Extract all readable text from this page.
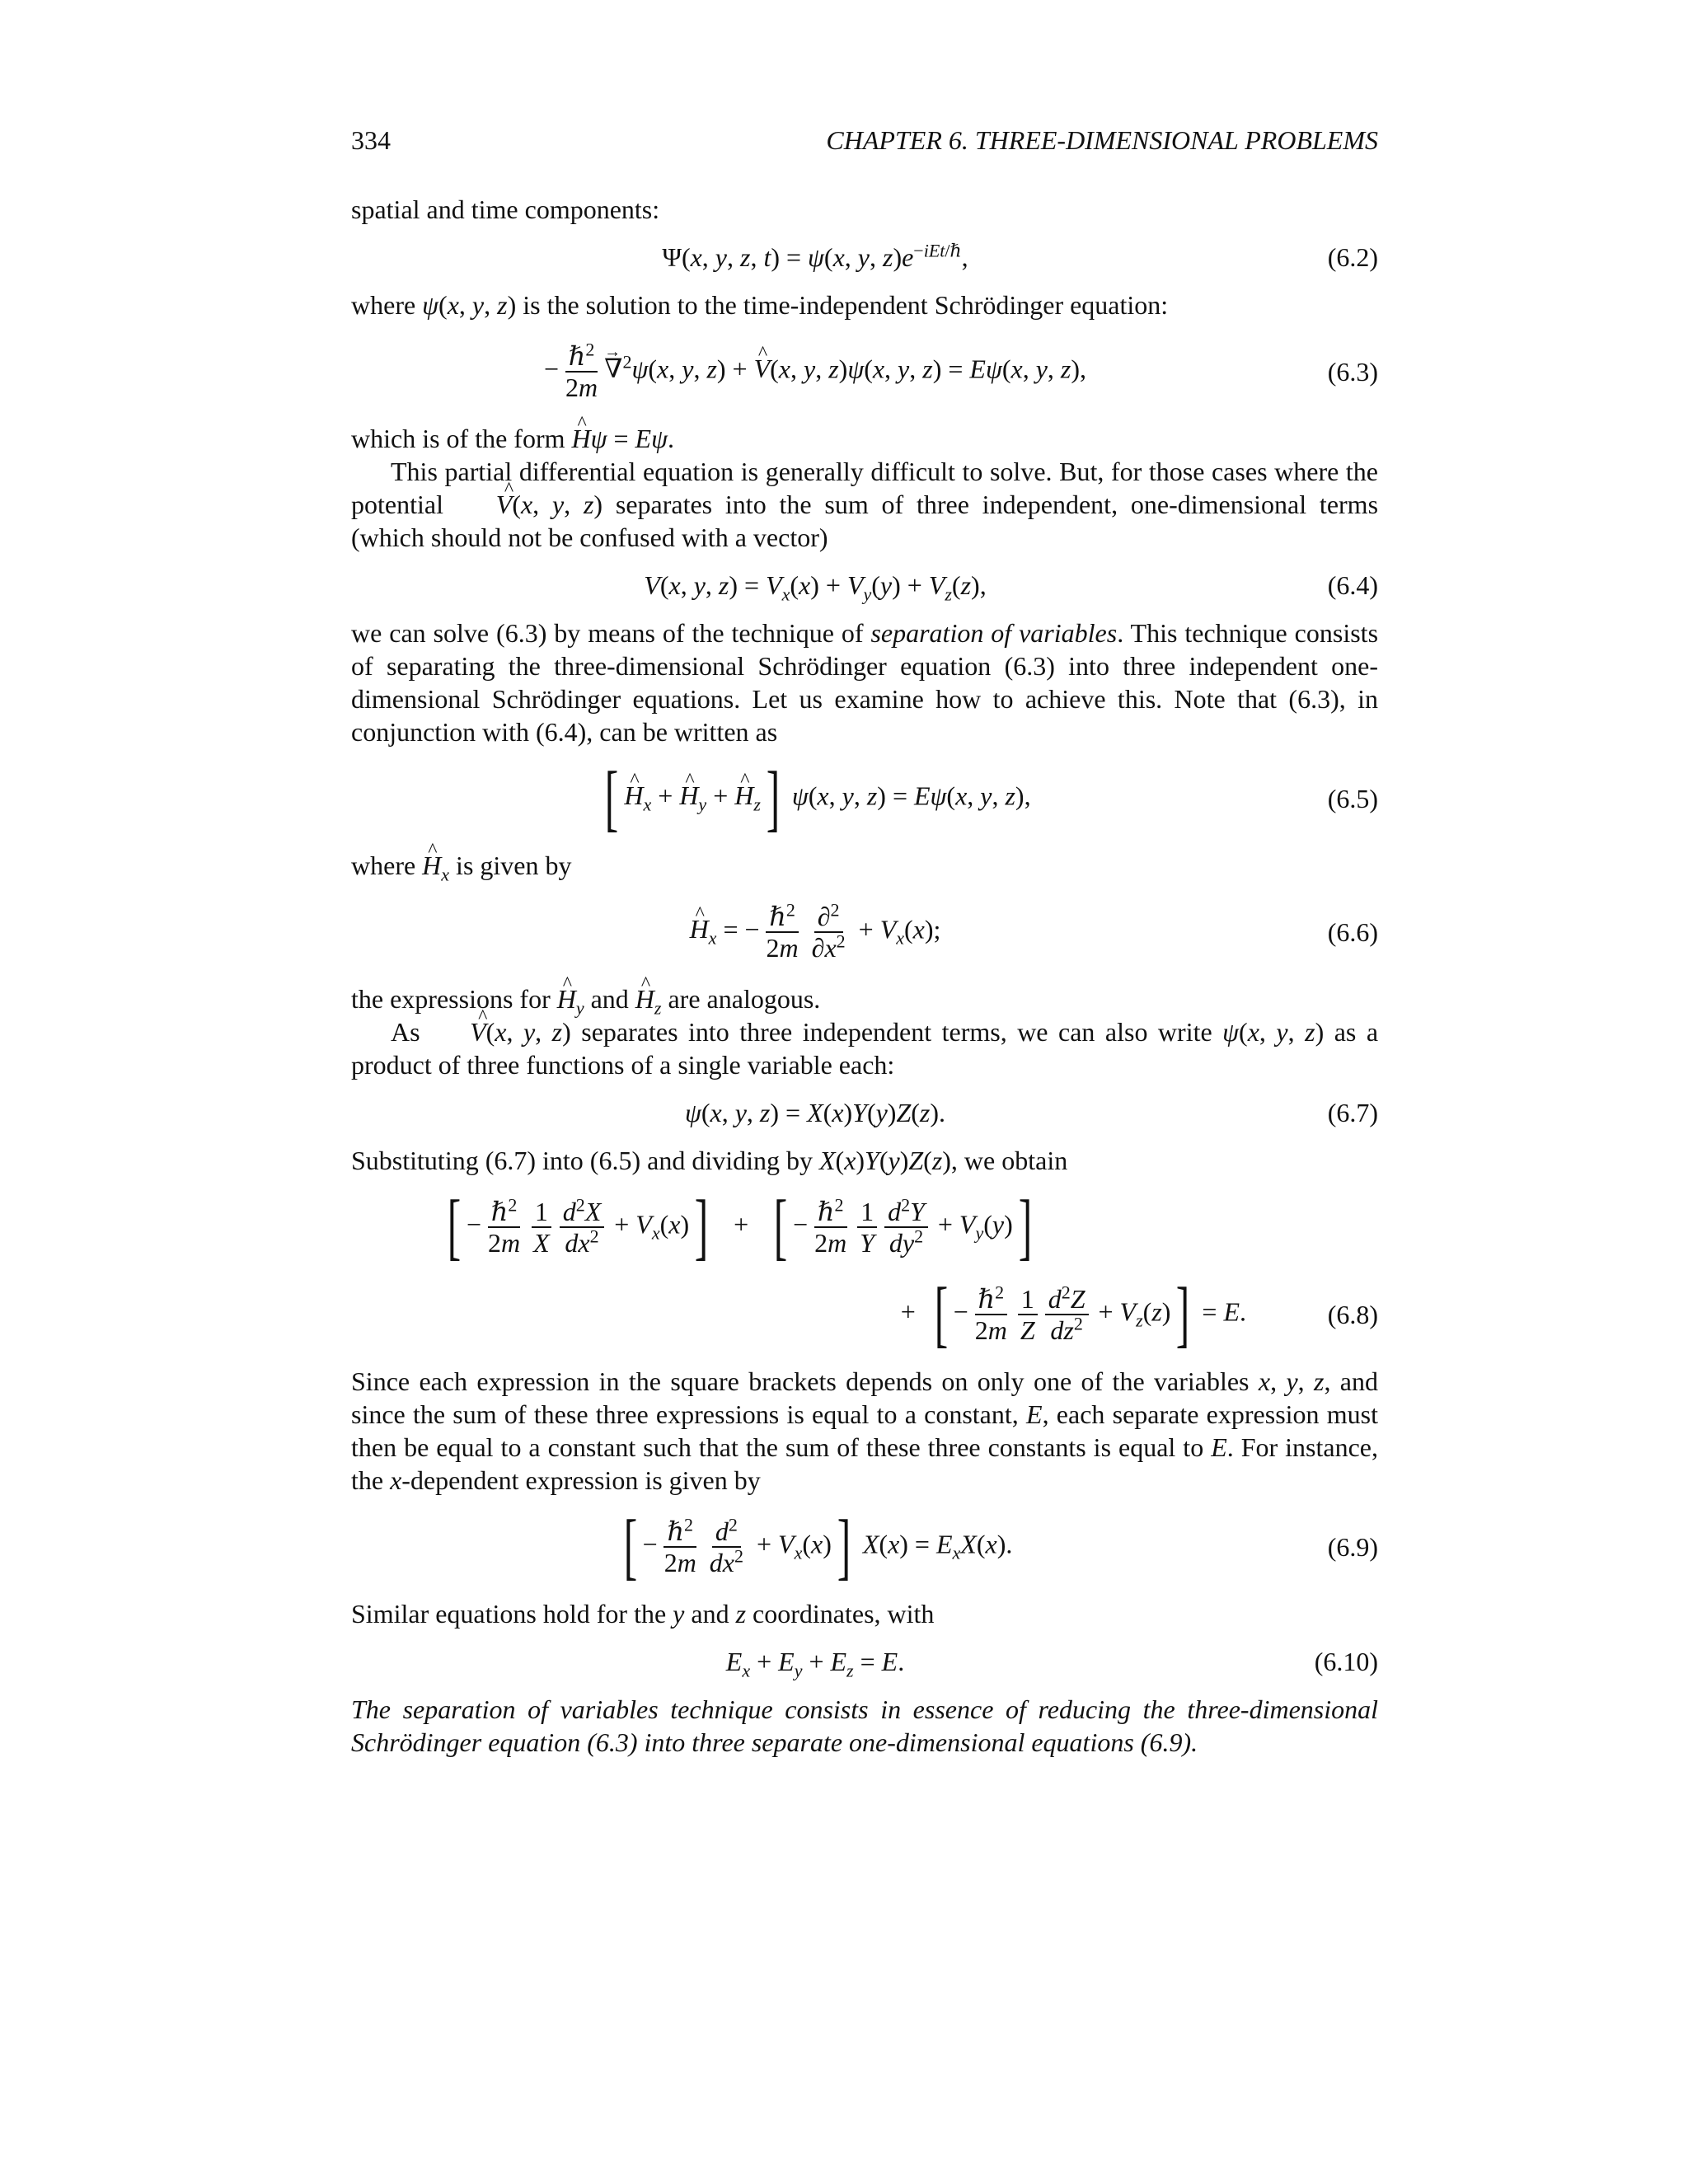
334	CHAPTER 6. THREE-DIMENSIONAL PROBLEMS

spatial and time components:

Ψ(x, y, z, t) = ψ(x, y, $z)e^{-iEt/\hbar}$,	(6.2)

where ψ(x, y, z) is the solution to the time-independent Schrödinger equation:

− $\frac{\hbar^2}{2m}$
→ ∇$^2$ψ(x, y, z) + ^ V(x, y, z)ψ(x, y, z) = Eψ(x, y, z),	(6.3)

which is of the form ^ Hψ = Eψ.

This partial differential equation is generally difficult to solve. But, for those cases where the potential ^ V(x, y, z) separates into the sum of three independent, one-dimensional terms (which should not be confused with a vector)

V(x, y, $z) = V_x(x) + V_y(y) + V_z(z)$,	(6.4)

we can solve (6.3) by means of the technique of separation of variables. This technique consists of separating the three-dimensional Schrödinger equation (6.3) into three independent one-dimensional Schrödinger equations. Let us examine how to achieve this. Note that (6.3), in conjunction with (6.4), can be written as

[^ $H_x$ + ^ $H_y$ + ^ $H_z$] ψ(x, y, z) = Eψ(x, y, z),	(6.5)

where ^ $H_x$ is given by

^ $H_x$ = − $\frac{\hbar^2}{2m} \frac{\partial^2}{\partial x^2} + V_x(x)$;	(6.6)

the expressions for ^ $H_y$ and ^ $H_z$ are analogous.

As ^ V(x, y, z) separates into three independent terms, we can also write ψ(x, y, z) as a product of three functions of a single variable each:

ψ(x, y, z) = X(x)Y(y)Z(z).	(6.7)

Substituting (6.7) into (6.5) and dividing by X(x)Y(y)Z(z), we obtain

[ − $\frac{\hbar^2}{2m} \frac{1}{X} \frac{d^2X}{dx^2} + V_x(x)$]   +   [ − $\frac{\hbar^2}{2m} \frac{1}{Y} \frac{d^2Y}{dy^2} + V_y(y)$]
+  [ − $\frac{\hbar^2}{2m} \frac{1}{Z} \frac{d^2Z}{dz^2} + V_z(z)] = E$.	(6.8)

Since each expression in the square brackets depends on only one of the variables x, y, z, and since the sum of these three expressions is equal to a constant, E, each separate expression must then be equal to a constant such that the sum of these three constants is equal to E. For instance, the x-dependent expression is given by

[ − $\frac{\hbar^2}{2m} \frac{d^2}{dx^2} + V_x(x)$] $X(x) = E_xX(x)$.	(6.9)

Similar equations hold for the y and z coordinates, with

$E_x + E_y + E_z = E$.	(6.10)

The separation of variables technique consists in essence of reducing the three-dimensional Schrödinger equation (6.3) into three separate one-dimensional equations (6.9).
